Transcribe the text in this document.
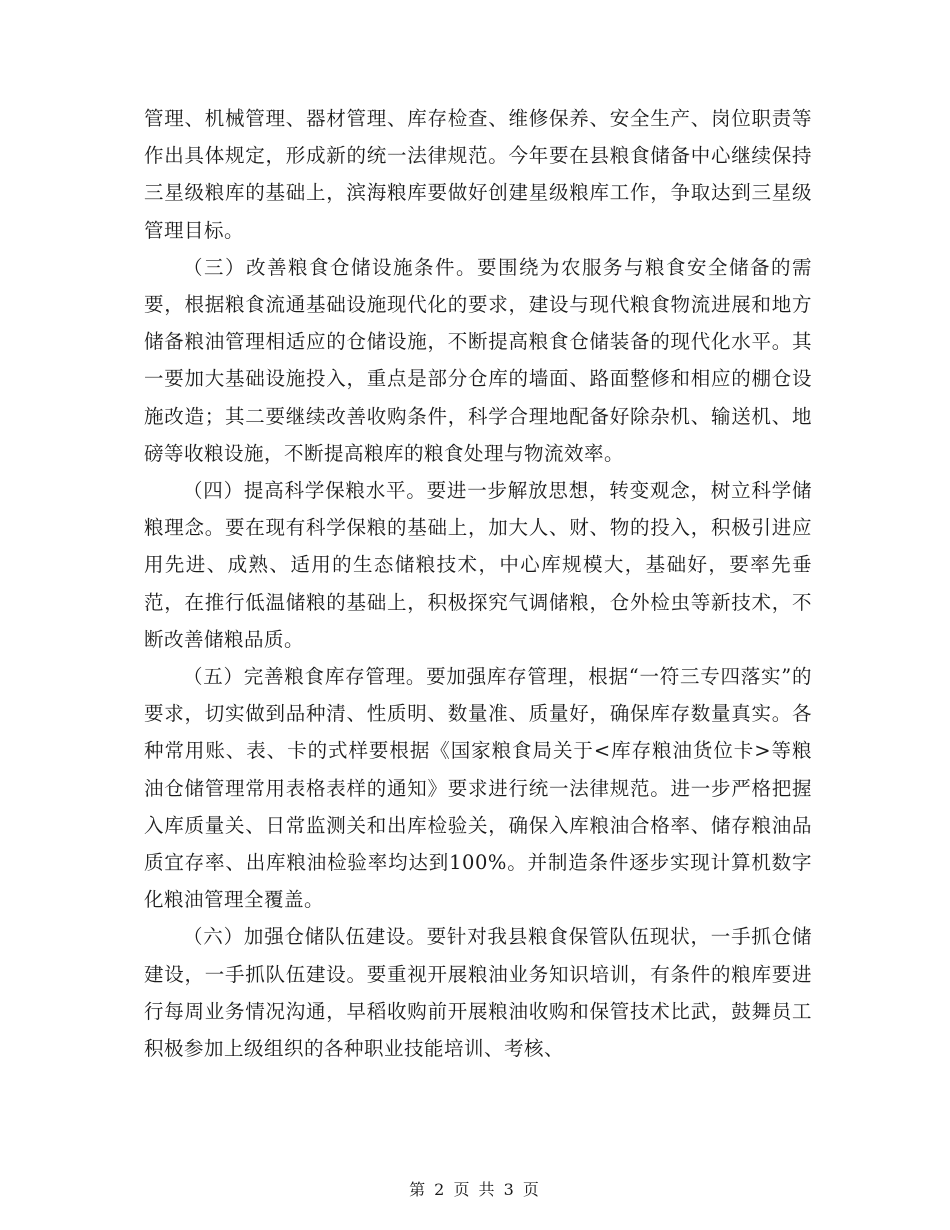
管理、机械管理、器材管理、库存检查、维修保养、安全生产、岗位职责等作出具体规定，形成新的统一法律规范。今年要在县粮食储备中心继续保持三星级粮库的基础上，滨海粮库要做好创建星级粮库工作，争取达到三星级管理目标。

（三）改善粮食仓储设施条件。要围绕为农服务与粮食安全储备的需要，根据粮食流通基础设施现代化的要求，建设与现代粮食物流进展和地方储备粮油管理相适应的仓储设施，不断提高粮食仓储装备的现代化水平。其一要加大基础设施投入，重点是部分仓库的墙面、路面整修和相应的棚仓设施改造；其二要继续改善收购条件，科学合理地配备好除杂机、输送机、地磅等收粮设施，不断提高粮库的粮食处理与物流效率。

（四）提高科学保粮水平。要进一步解放思想，转变观念，树立科学储粮理念。要在现有科学保粮的基础上，加大人、财、物的投入，积极引进应用先进、成熟、适用的生态储粮技术，中心库规模大，基础好，要率先垂范，在推行低温储粮的基础上，积极探究气调储粮，仓外检虫等新技术，不断改善储粮品质。

（五）完善粮食库存管理。要加强库存管理，根据“一符三专四落实”的要求，切实做到品种清、性质明、数量准、质量好，确保库存数量真实。各种常用账、表、卡的式样要根据《国家粮食局关于<库存粮油货位卡>等粮油仓储管理常用表格表样的通知》要求进行统一法律规范。进一步严格把握入库质量关、日常监测关和出库检验关，确保入库粮油合格率、储存粮油品质宜存率、出库粮油检验率均达到100%。并制造条件逐步实现计算机数字化粮油管理全覆盖。

（六）加强仓储队伍建设。要针对我县粮食保管队伍现状，一手抓仓储建设，一手抓队伍建设。要重视开展粮油业务知识培训，有条件的粮库要进行每周业务情况沟通，早稻收购前开展粮油收购和保管技术比武，鼓舞员工积极参加上级组织的各种职业技能培训、考核、

第 2 页 共 3 页
